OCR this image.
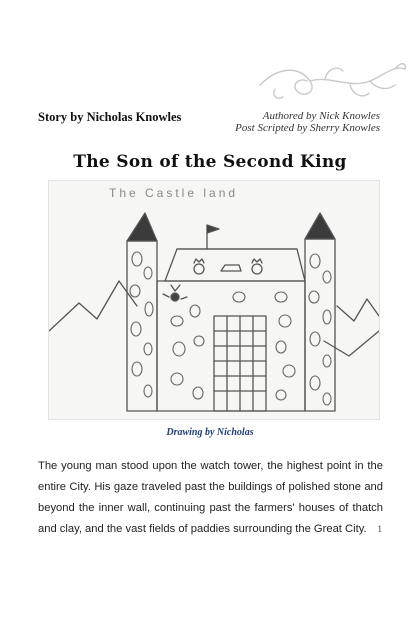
Story by Nicholas Knowles	Authored by Nick Knowles
Post Scripted by Sherry Knowles
The Son of the Second King
The Castle land
Drawing by Nicholas
The young man stood upon the watch tower, the highest point in the entire City. His gaze traveled past the buildings of polished stone and beyond the inner wall, continuing past the farmers' houses of thatch and clay, and the vast fields of paddies surrounding the Great City.	1
